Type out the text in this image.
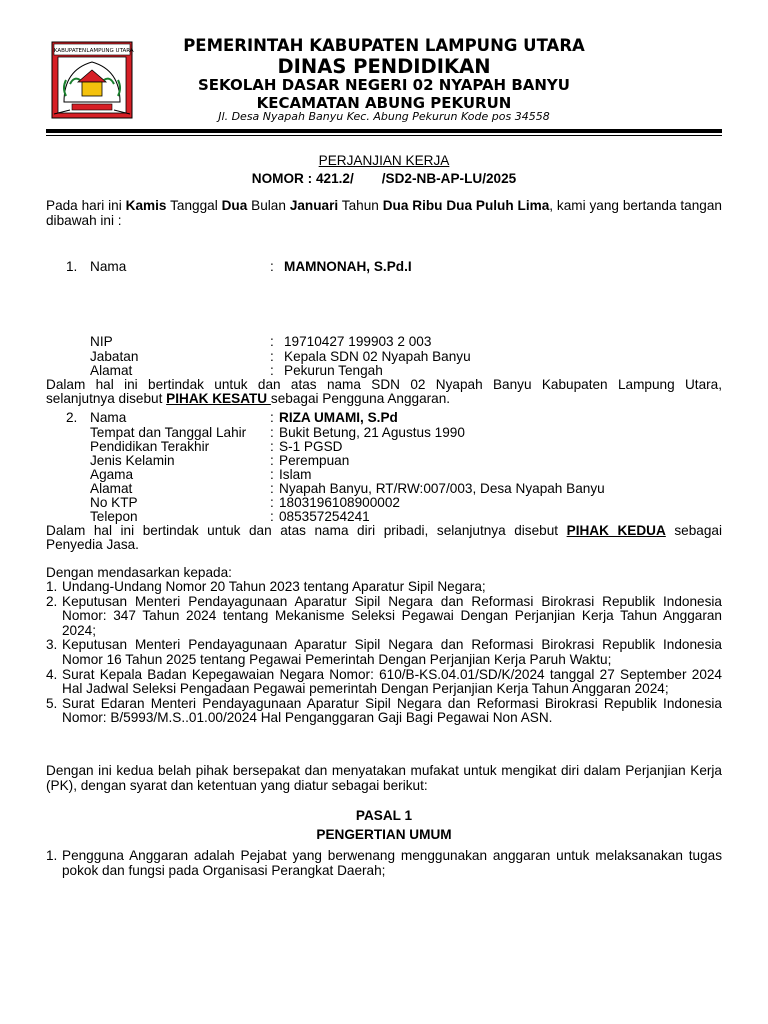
KABUPATEN LAMPUNG UTARA	PEMERINTAH KABUPATEN LAMPUNG UTARA
DINAS PENDIDIKAN
SEKOLAH DASAR NEGERI 02 NYAPAH BANYU
KECAMATAN ABUNG PEKURUN
Jl. Desa Nyapah Banyu Kec. Abung Pekurun Kode pos 34558
PERJANJIAN KERJA
NOMOR : 421.2/ /SD2-NB-AP-LU/2025
Pada hari ini Kamis Tanggal Dua Bulan Januari Tahun Dua Ribu Dua Puluh Lima, kami yang bertanda tangan dibawah ini :
1. Nama	: MAMNONAH, S.Pd.I
NIP	: 19710427 199903 2 003
Jabatan	: Kepala SDN 02 Nyapah Banyu
Alamat	: Pekurun Tengah
Dalam hal ini bertindak untuk dan atas nama SDN 02 Nyapah Banyu Kabupaten Lampung Utara,
selanjutnya disebut PIHAK KESATU sebagai Pengguna Anggaran.
2. Nama	: RIZA UMAMI, S.Pd
Tempat dan Tanggal Lahir : Bukit Betung, 21 Agustus 1990
Pendidikan Terakhir	: S-1 PGSD
Jenis Kelamin	: Perempuan
Agama	: Islam
Alamat	: Nyapah Banyu, RT/RW:007/003, Desa Nyapah Banyu
No KTP	: 1803196108900002
Telepon	: 085357254241
Dalam hal ini bertindak untuk dan atas nama diri pribadi, selanjutnya disebut PIHAK KEDUA sebagai
Penyedia Jasa.
Dengan mendasarkan kepada:
1. Undang-Undang Nomor 20 Tahun 2023 tentang Aparatur Sipil Negara;
2. Keputusan Menteri Pendayagunaan Aparatur Sipil Negara dan Reformasi Birokrasi Republik Indonesia Nomor: 347 Tahun 2024 tentang Mekanisme Seleksi Pegawai Dengan Perjanjian Kerja Tahun Anggaran 2024;
3. Keputusan Menteri Pendayagunaan Aparatur Sipil Negara dan Reformasi Birokrasi Republik Indonesia Nomor 16 Tahun 2025 tentang Pegawai Pemerintah Dengan Perjanjian Kerja Paruh Waktu;
4. Surat Kepala Badan Kepegawaian Negara Nomor: 610/B-KS.04.01/SD/K/2024 tanggal 27 September 2024 Hal Jadwal Seleksi Pengadaan Pegawai pemerintah Dengan Perjanjian Kerja Tahun Anggaran 2024;
5. Surat Edaran Menteri Pendayagunaan Aparatur Sipil Negara dan Reformasi Birokrasi Republik Indonesia Nomor: B/5993/M.S..01.00/2024 Hal Penganggaran Gaji Bagi Pegawai Non ASN.
Dengan ini kedua belah pihak bersepakat dan menyatakan mufakat untuk mengikat diri dalam Perjanjian Kerja (PK), dengan syarat dan ketentuan yang diatur sebagai berikut:
PASAL 1
PENGERTIAN UMUM
1. Pengguna Anggaran adalah Pejabat yang berwenang menggunakan anggaran untuk melaksanakan tugas pokok dan fungsi pada Organisasi Perangkat Daerah;
